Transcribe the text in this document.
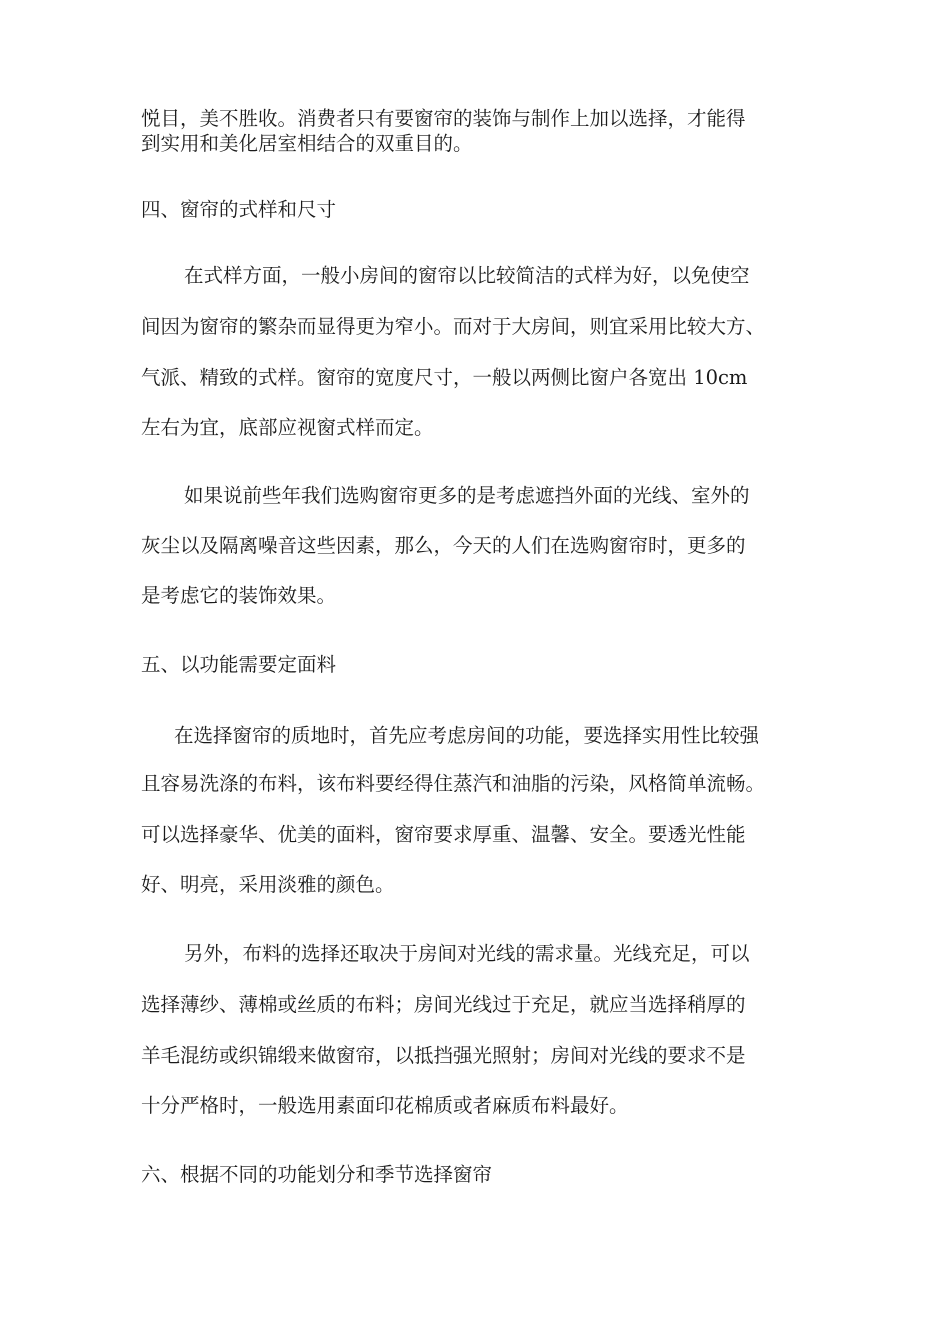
悦目，美不胜收。消费者只有要窗帘的装饰与制作上加以选择，才能得
到实用和美化居室相结合的双重目的。
四、窗帘的式样和尺寸
在式样方面，一般小房间的窗帘以比较简洁的式样为好，以免使空
间因为窗帘的繁杂而显得更为窄小。而对于大房间，则宜采用比较大方、
气派、精致的式样。窗帘的宽度尺寸，一般以两侧比窗户各宽出 10cm
左右为宜，底部应视窗式样而定。
如果说前些年我们选购窗帘更多的是考虑遮挡外面的光线、室外的
灰尘以及隔离噪音这些因素，那么，今天的人们在选购窗帘时，更多的
是考虑它的装饰效果。
五、以功能需要定面料
在选择窗帘的质地时，首先应考虑房间的功能，要选择实用性比较强
且容易洗涤的布料，该布料要经得住蒸汽和油脂的污染，风格简单流畅。
可以选择豪华、优美的面料，窗帘要求厚重、温馨、安全。要透光性能
好、明亮，采用淡雅的颜色。
另外，布料的选择还取决于房间对光线的需求量。光线充足，可以
选择薄纱、薄棉或丝质的布料；房间光线过于充足，就应当选择稍厚的
羊毛混纺或织锦缎来做窗帘，以抵挡强光照射；房间对光线的要求不是
十分严格时，一般选用素面印花棉质或者麻质布料最好。
六、根据不同的功能划分和季节选择窗帘
